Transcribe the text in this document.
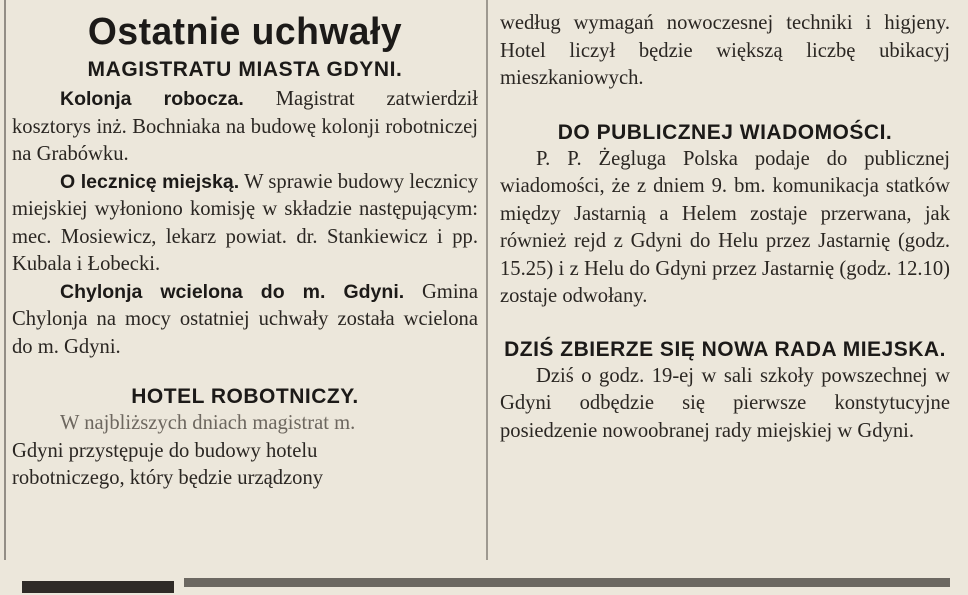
Ostatnie uchwały
MAGISTRATU MIASTA GDYNI.

Kolonja robocza. Magistrat zatwierdził kosztorys inż. Bochniaka na budowę kolonji robotniczej na Grabówku.

O lecznicę miejską. W sprawie budowy lecznicy miejskiej wyłoniono komisję w składzie następującym: mec. Mosiewicz, lekarz powiat. dr. Stankiewicz i pp. Kubala i Łobecki.

Chylonja wcielona do m. Gdyni. Gmina Chylonja na mocy ostatniej uchwały została wcielona do m. Gdyni.

HOTEL ROBOTNICZY.
W najbliższych dniach magistrat m.
Gdyni przystępuje do budowy hotelu
robotniczego, który będzie urządzony

według wymagań nowoczesnej techniki i higjeny. Hotel liczył będzie większą liczbę ubikacyj mieszkaniowych.

DO PUBLICZNEJ WIADOMOŚCI.

P. P. Żegluga Polska podaje do publicznej wiadomości, że z dniem 9. bm. komunikacja statków między Jastarnią a Helem zostaje przerwana, jak również rejd z Gdyni do Helu przez Jastarnię (godz. 15.25) i z Helu do Gdyni przez Jastarnię (godz. 12.10) zostaje odwołany.

DZIŚ ZBIERZE SIĘ NOWA RADA MIEJSKA.

Dziś o godz. 19-ej w sali szkoły powszechnej w Gdyni odbędzie się pierwsze konstytucyjne posiedzenie nowoobranej rady miejskiej w Gdyni.
